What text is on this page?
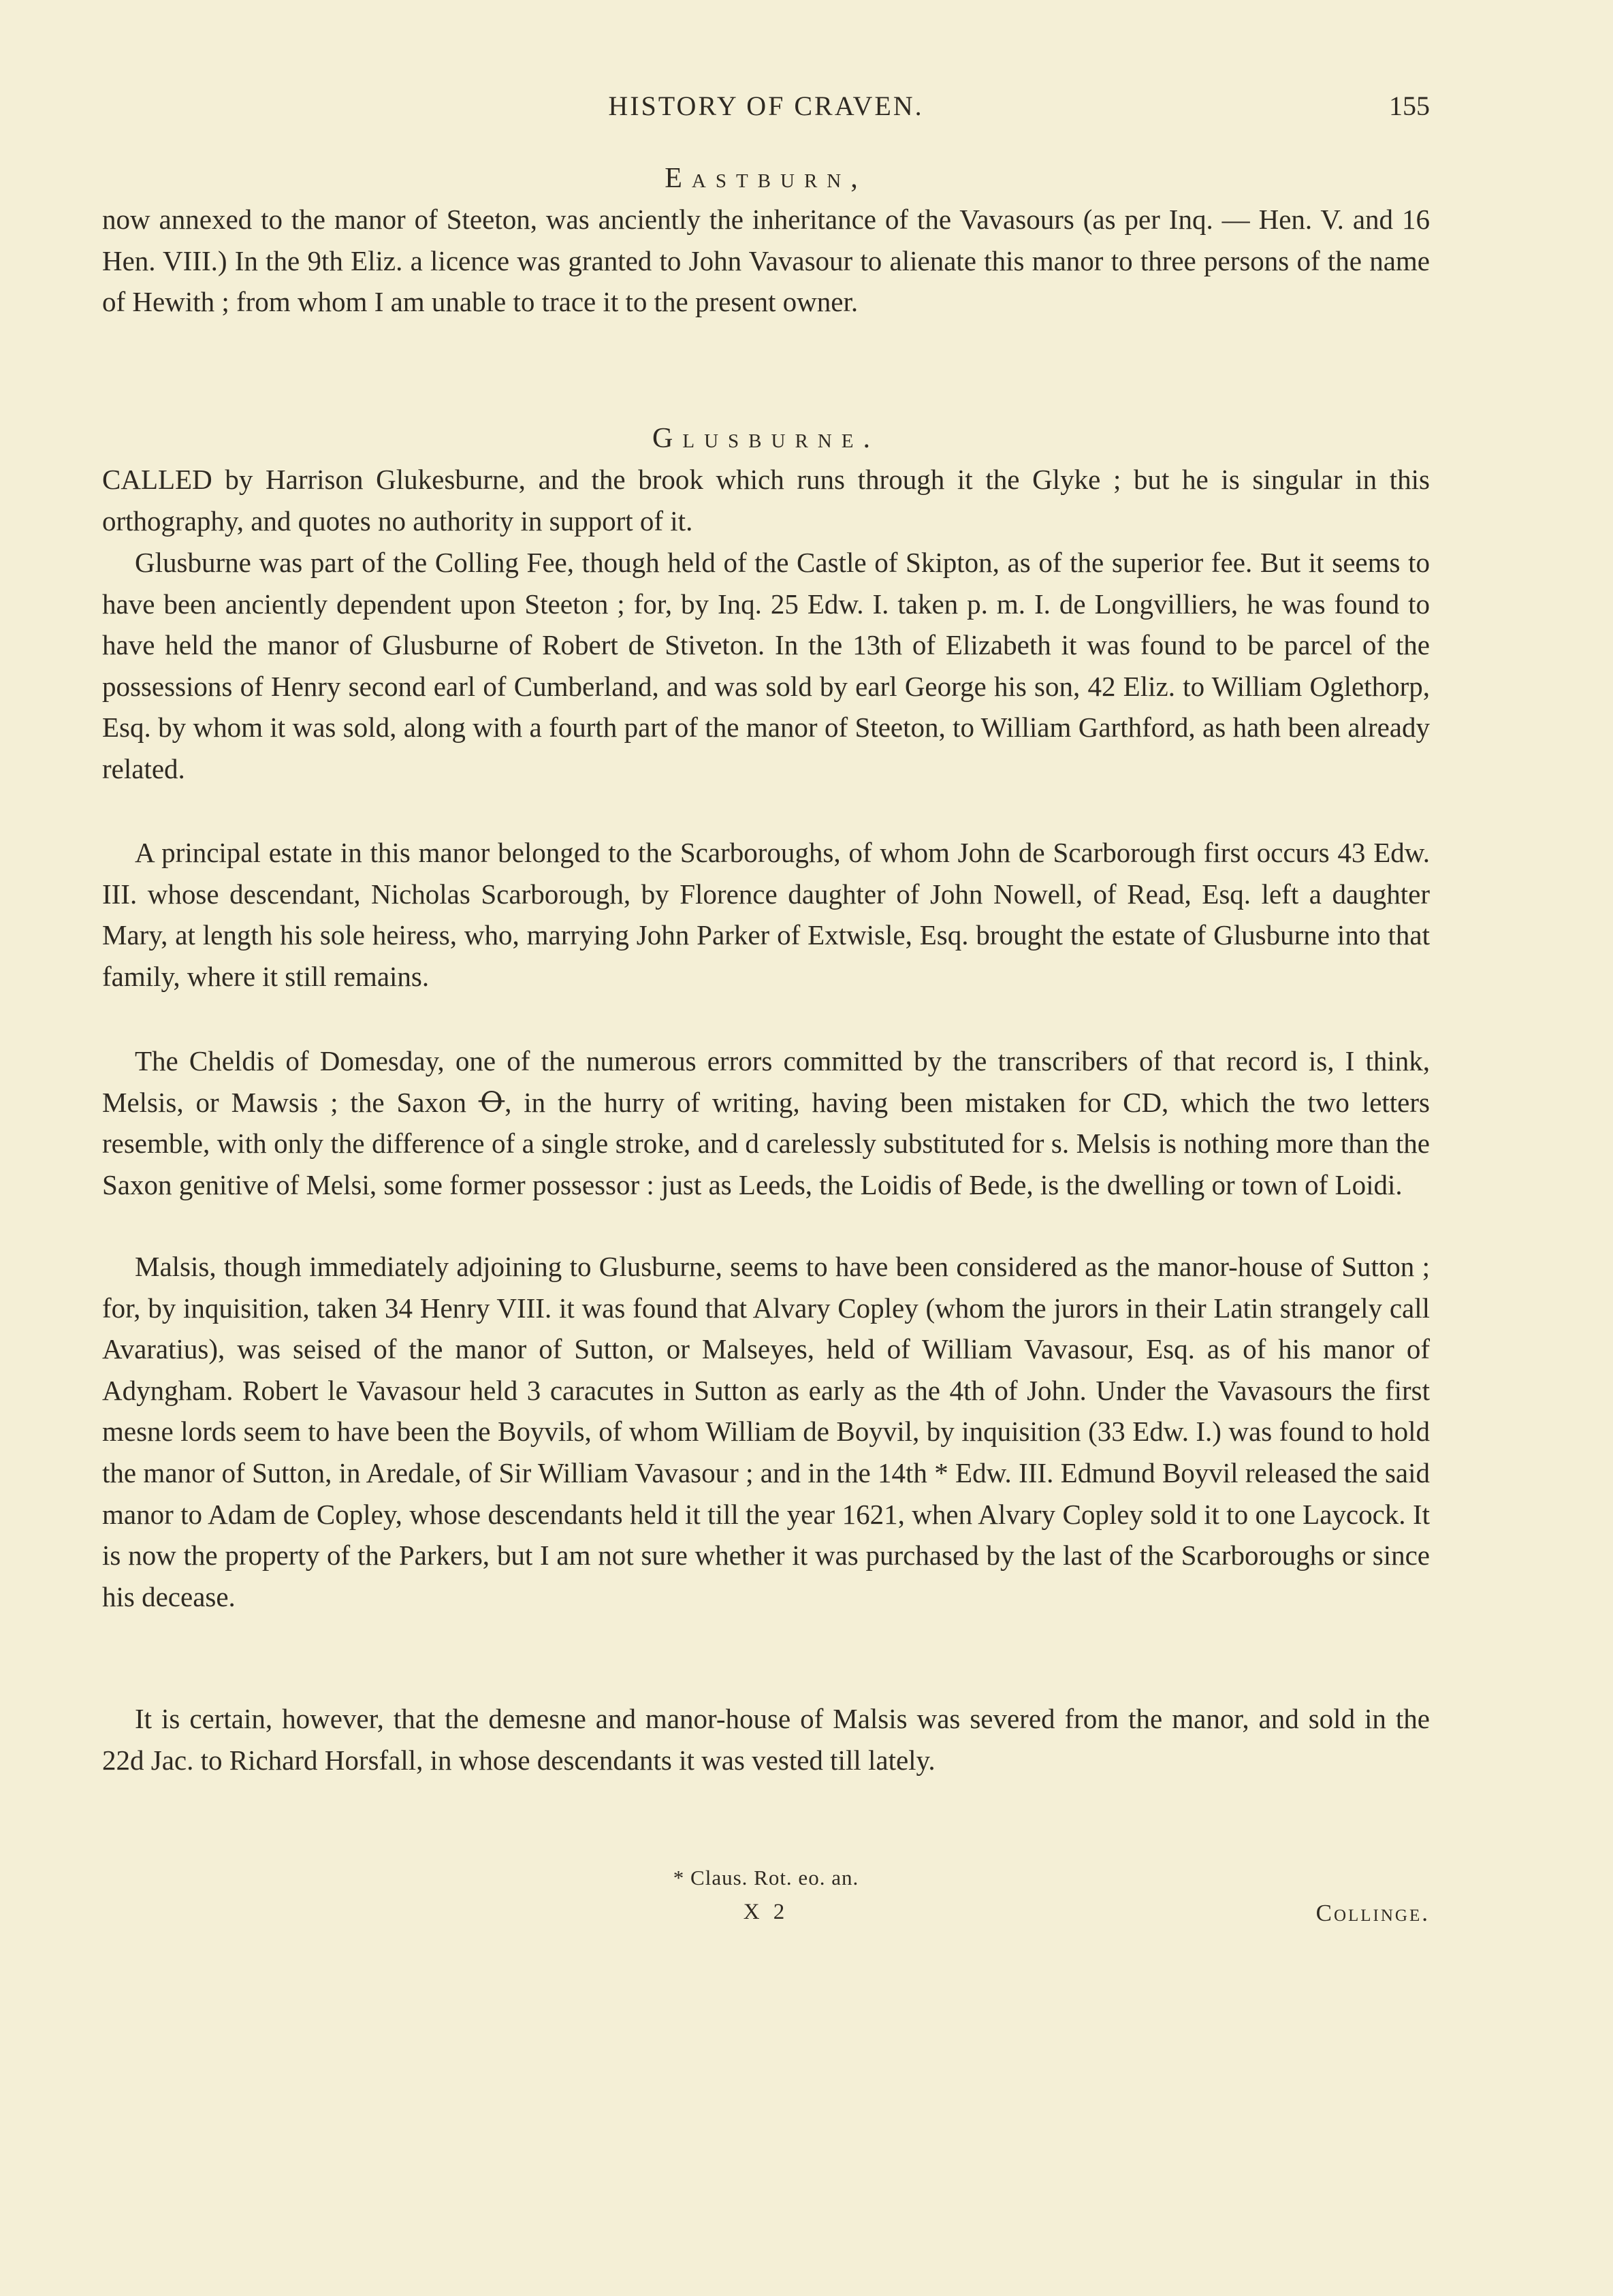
HISTORY OF CRAVEN.	155
Eastburn,

now annexed to the manor of Steeton, was anciently the inheritance of the Vavasours (as per Inq. — Hen. V. and 16 Hen. VIII.) In the 9th Eliz. a licence was granted to John Vavasour to alienate this manor to three persons of the name of Hewith ; from whom I am unable to trace it to the present owner.

Glusburne.

CALLED by Harrison Glukesburne, and the brook which runs through it the Glyke ; but he is singular in this orthography, and quotes no authority in support of it.

Glusburne was part of the Colling Fee, though held of the Castle of Skipton, as of the superior fee. But it seems to have been anciently dependent upon Steeton ; for, by Inq. 25 Edw. I. taken p. m. I. de Longvilliers, he was found to have held the manor of Glusburne of Robert de Stiveton. In the 13th of Elizabeth it was found to be parcel of the possessions of Henry second earl of Cumberland, and was sold by earl George his son, 42 Eliz. to William Oglethorp, Esq. by whom it was sold, along with a fourth part of the manor of Steeton, to William Garthford, as hath been already related.

A principal estate in this manor belonged to the Scarboroughs, of whom John de Scarborough first occurs 43 Edw. III. whose descendant, Nicholas Scarborough, by Florence daughter of John Nowell, of Read, Esq. left a daughter Mary, at length his sole heiress, who, marrying John Parker of Extwisle, Esq. brought the estate of Glusburne into that family, where it still remains.

The Cheldis of Domesday, one of the numerous errors committed by the transcribers of that record is, I think, Melsis, or Mawsis ; the Saxon Ꝋ, in the hurry of writing, having been mistaken for CD, which the two letters resemble, with only the difference of a single stroke, and d carelessly substituted for s. Melsis is nothing more than the Saxon genitive of Melsi, some former possessor : just as Leeds, the Loidis of Bede, is the dwelling or town of Loidi.

Malsis, though immediately adjoining to Glusburne, seems to have been considered as the manor-house of Sutton ; for, by inquisition, taken 34 Henry VIII. it was found that Alvary Copley (whom the jurors in their Latin strangely call Avaratius), was seised of the manor of Sutton, or Malseyes, held of William Vavasour, Esq. as of his manor of Adyngham. Robert le Vavasour held 3 caracutes in Sutton as early as the 4th of John. Under the Vavasours the first mesne lords seem to have been the Boyvils, of whom William de Boyvil, by inquisition (33 Edw. I.) was found to hold the manor of Sutton, in Aredale, of Sir William Vavasour ; and in the 14th * Edw. III. Edmund Boyvil released the said manor to Adam de Copley, whose descendants held it till the year 1621, when Alvary Copley sold it to one Laycock. It is now the property of the Parkers, but I am not sure whether it was purchased by the last of the Scarboroughs or since his decease.

It is certain, however, that the demesne and manor-house of Malsis was severed from the manor, and sold in the 22d Jac. to Richard Horsfall, in whose descendants it was vested till lately.

* Claus. Rot. eo. an.
X 2	Collinge.
